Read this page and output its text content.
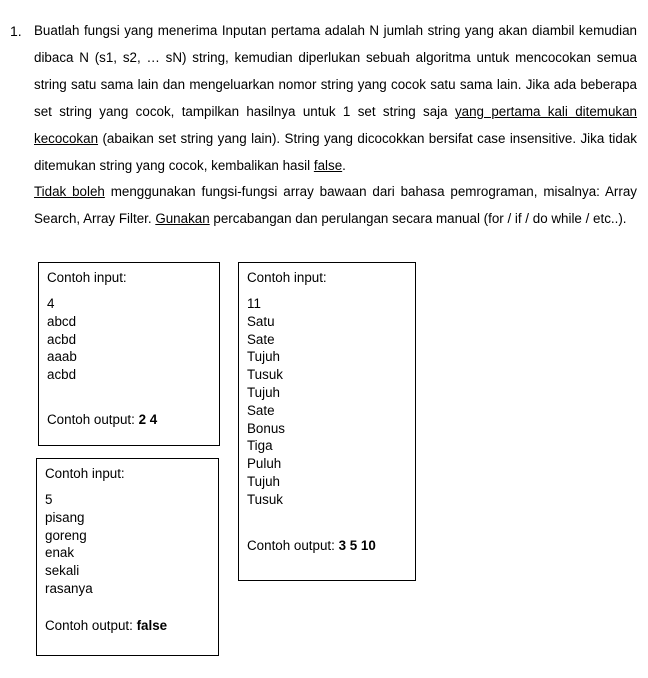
1. Buatlah fungsi yang menerima Inputan pertama adalah N jumlah string yang akan diambil kemudian dibaca N (s1, s2, … sN) string, kemudian diperlukan sebuah algoritma untuk mencocokan semua string satu sama lain dan mengeluarkan nomor string yang cocok satu sama lain. Jika ada beberapa set string yang cocok, tampilkan hasilnya untuk 1 set string saja yang pertama kali ditemukan kecocokan (abaikan set string yang lain). String yang dicocokkan bersifat case insensitive. Jika tidak ditemukan string yang cocok, kembalikan hasil false.
Tidak boleh menggunakan fungsi-fungsi array bawaan dari bahasa pemrograman, misalnya: Array Search, Array Filter. Gunakan percabangan dan perulangan secara manual (for / if / do while / etc..).
Contoh input:
4
abcd
acbd
aaab
acbd
Contoh output: 2 4
Contoh input:
5
pisang
goreng
enak
sekali
rasanya
Contoh output: false
Contoh input:
11
Satu
Sate
Tujuh
Tusuk
Tujuh
Sate
Bonus
Tiga
Puluh
Tujuh
Tusuk
Contoh output: 3 5 10
